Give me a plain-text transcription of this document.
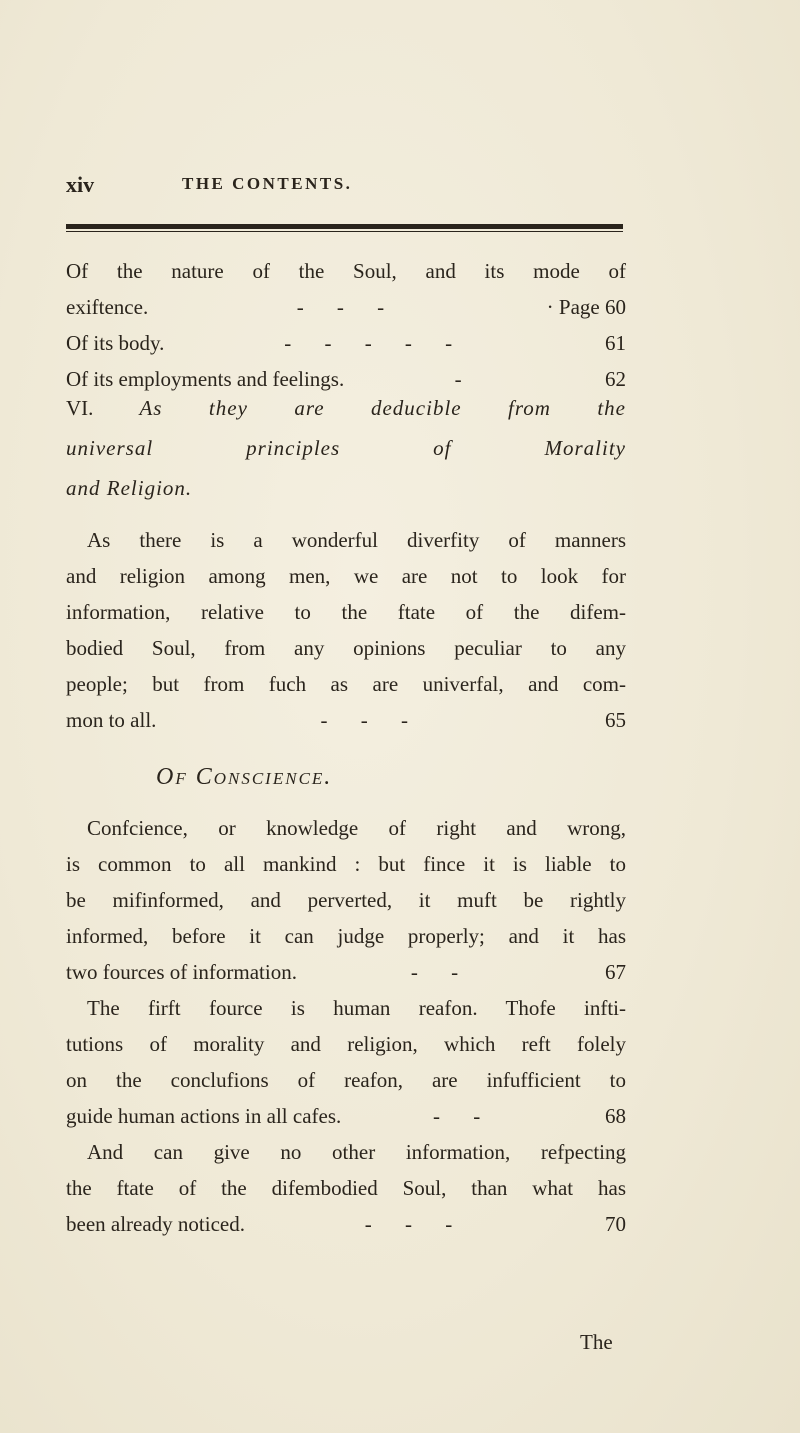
xiv	THE CONTENTS.
Of the nature of the Soul, and its mode of
exiftence.	- - -	· Page 60
Of its body.	- - - - -	61
Of its employments and feelings.	-	62
VI. As they are deducible from the
universal principles of Morality
and Religion.
As there is a wonderful diverfity of manners
and religion among men, we are not to look for
information, relative to the ftate of the difem-
bodied Soul, from any opinions peculiar to any
people; but from fuch as are univerfal, and com-
mon to all.	- - -	65
Of Conscience.
Confcience, or knowledge of right and wrong,
is common to all mankind : but fince it is liable to
be mifinformed, and perverted, it muft be rightly
informed, before it can judge properly; and it has
two fources of information.	- -	67
The firft fource is human reafon. Thofe infti-
tutions of morality and religion, which reft folely
on the conclufions of reafon, are infufficient to
guide human actions in all cafes.	- -	68
And can give no other information, refpecting
the ftate of the difembodied Soul, than what has
been already noticed.	- - -	70
The
